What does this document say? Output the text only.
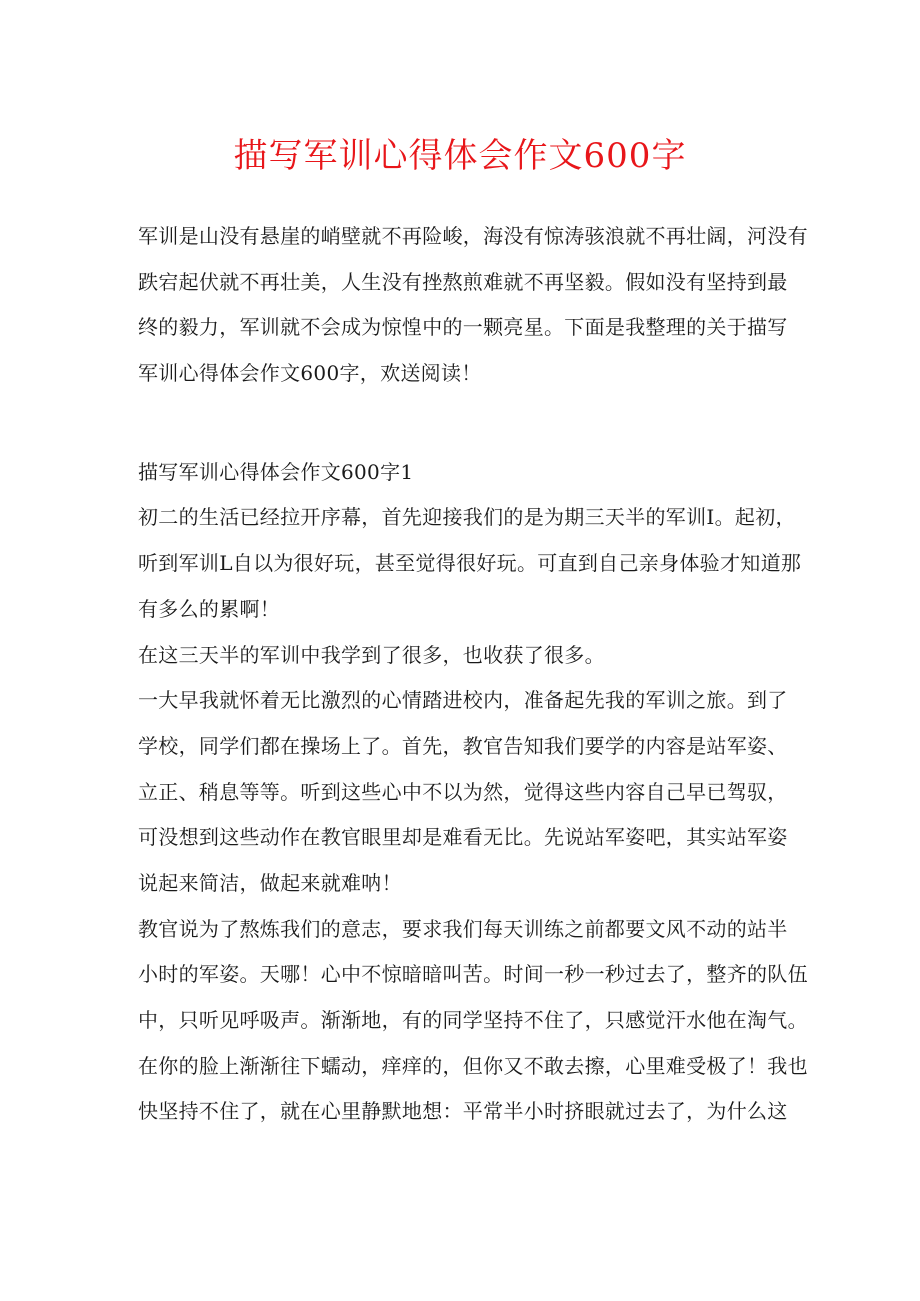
描写军训心得体会作文600字
军训是山没有悬崖的峭壁就不再险峻，海没有惊涛骇浪就不再壮阔，河没有
跌宕起伏就不再壮美，人生没有挫熬煎难就不再坚毅。假如没有坚持到最
终的毅力，军训就不会成为惊惶中的一颗亮星。下面是我整理的关于描写
军训心得体会作文600字，欢送阅读！
描写军训心得体会作文600字1
初二的生活已经拉开序幕，首先迎接我们的是为期三天半的军训I。起初，
听到军训L自以为很好玩，甚至觉得很好玩。可直到自己亲身体验才知道那
有多么的累啊！
在这三天半的军训中我学到了很多，也收获了很多。
一大早我就怀着无比激烈的心情踏进校内，准备起先我的军训之旅。到了
学校，同学们都在操场上了。首先，教官告知我们要学的内容是站军姿、
立正、稍息等等。听到这些心中不以为然，觉得这些内容自己早已驾驭，
可没想到这些动作在教官眼里却是难看无比。先说站军姿吧，其实站军姿
说起来简洁，做起来就难呐！
教官说为了熬炼我们的意志，要求我们每天训练之前都要文风不动的站半
小时的军姿。天哪！心中不惊暗暗叫苦。时间一秒一秒过去了，整齐的队伍
中，只听见呼吸声。渐渐地，有的同学坚持不住了，只感觉汗水他在淘气。
在你的脸上渐渐往下蠕动，痒痒的，但你又不敢去擦，心里难受极了！我也
快坚持不住了，就在心里静默地想：平常半小时挤眼就过去了，为什么这
